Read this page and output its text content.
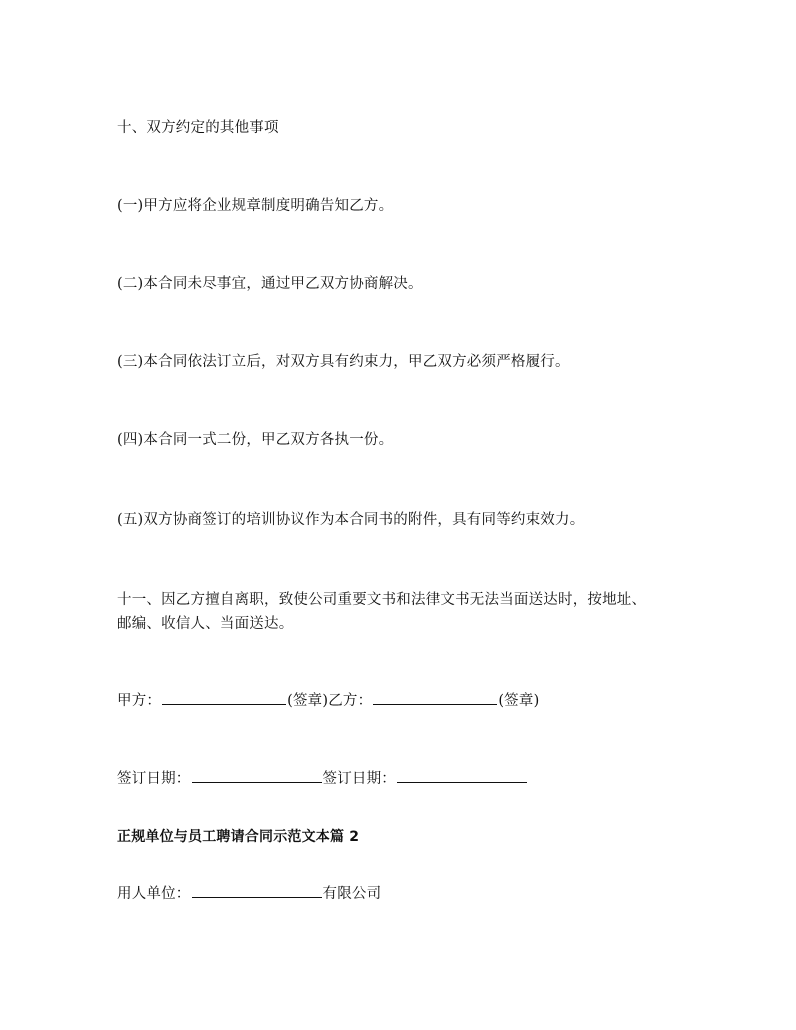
十、双方约定的其他事项
(一)甲方应将企业规章制度明确告知乙方。
(二)本合同未尽事宜，通过甲乙双方协商解决。
(三)本合同依法订立后，对双方具有约束力，甲乙双方必须严格履行。
(四)本合同一式二份，甲乙双方各执一份。
(五)双方协商签订的培训协议作为本合同书的附件，具有同等约束效力。
十一、因乙方擅自离职，致使公司重要文书和法律文书无法当面送达时，按地址、
邮编、收信人、当面送达。
甲方：	(签章)乙方：	(签章)
签订日期：	签订日期：
正规单位与员工聘请合同示范文本篇 2
用人单位：	有限公司
